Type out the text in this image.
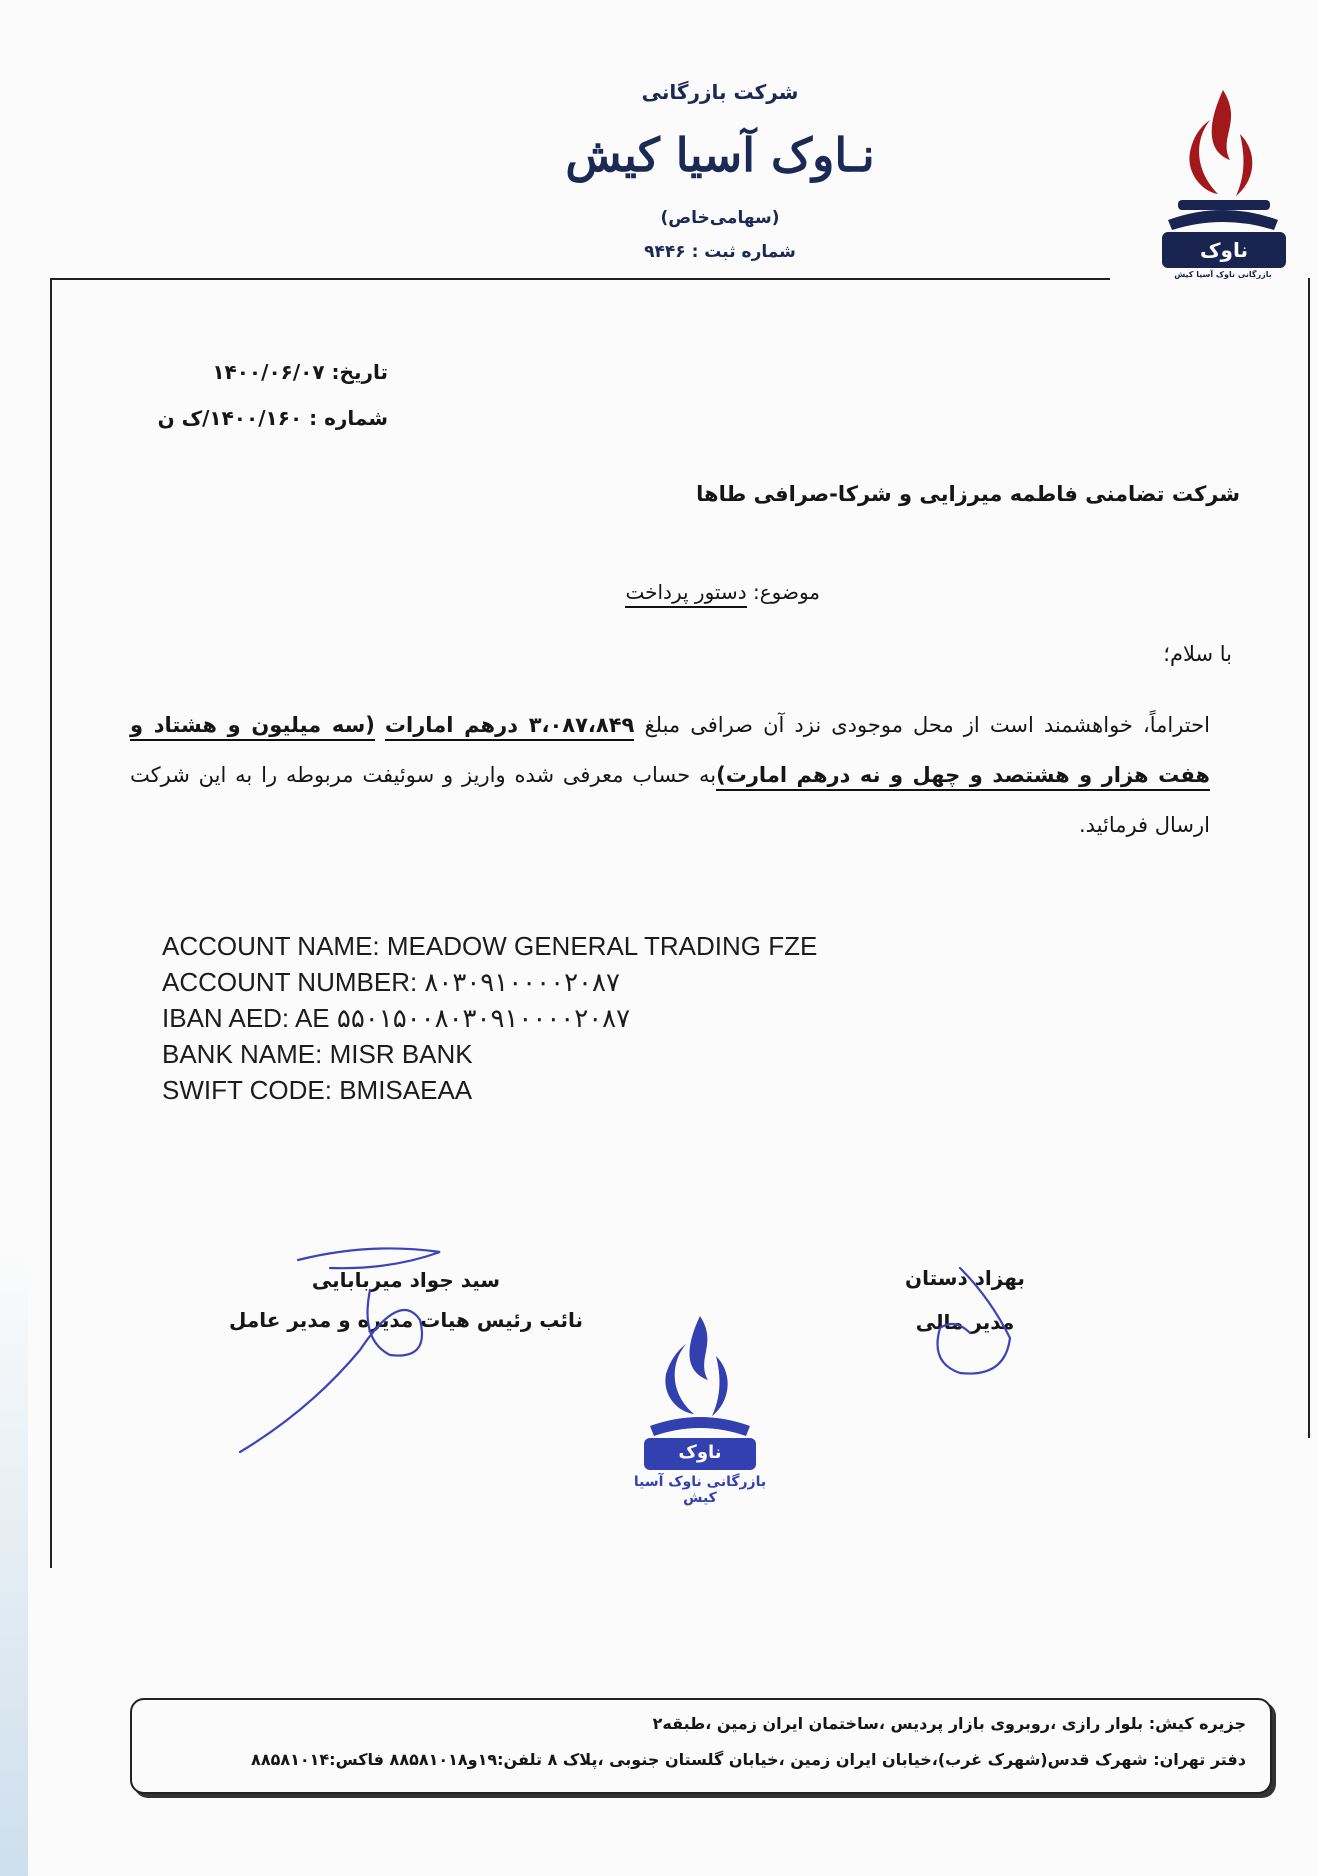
شرکت بازرگانی
نـاوک آسیا کیش
(سهامی‌خاص)
شماره ثبت : ۹۴۴۶	ناوک
بازرگانی ناوک آسیا کیش
تاریخ: ۱۴۰۰/۰۶/۰۷
شماره : ۱۴۰۰/۱۶۰/ک ن
شرکت تضامنی فاطمه میرزایی و شرکا-صرافی طاها
موضوع: دستور پرداخت
با سلام؛
احتراماً، خواهشمند است از محل موجودی نزد آن صرافی مبلغ ۳،۰۸۷،۸۴۹ درهم امارات (سه میلیون و هشتاد و هفت هزار و هشتصد و چهل و نه درهم امارت)به حساب معرفی شده واریز و سوئیفت مربوطه را به این شرکت ارسال فرمائید.
ACCOUNT NAME: MEADOW GENERAL TRADING FZE
ACCOUNT NUMBER: ۸۰۳۰۹۱۰۰۰۰۲۰۸۷
IBAN AED: AE ۵۵۰۱۵۰۰۸۰۳۰۹۱۰۰۰۰۲۰۸۷
BANK NAME: MISR BANK
SWIFT CODE: BMISAEAA
سید جواد میربابایی
نائب رئیس هیات مدیره و مدیر عامل
بهزاد دستان
مدیر مالی
ناوک
بازرگانی ناوک آسیا کیش
جزیره کیش: بلوار رازی ،روبروی بازار پردیس ،ساختمان ایران زمین ،طبقه۲
دفتر تهران: شهرک قدس(شهرک غرب)،خیابان ایران زمین ،خیابان گلستان جنوبی ،پلاک ۸ تلفن:۱۹و۸۸۵۸۱۰۱۸ فاکس:۸۸۵۸۱۰۱۴
